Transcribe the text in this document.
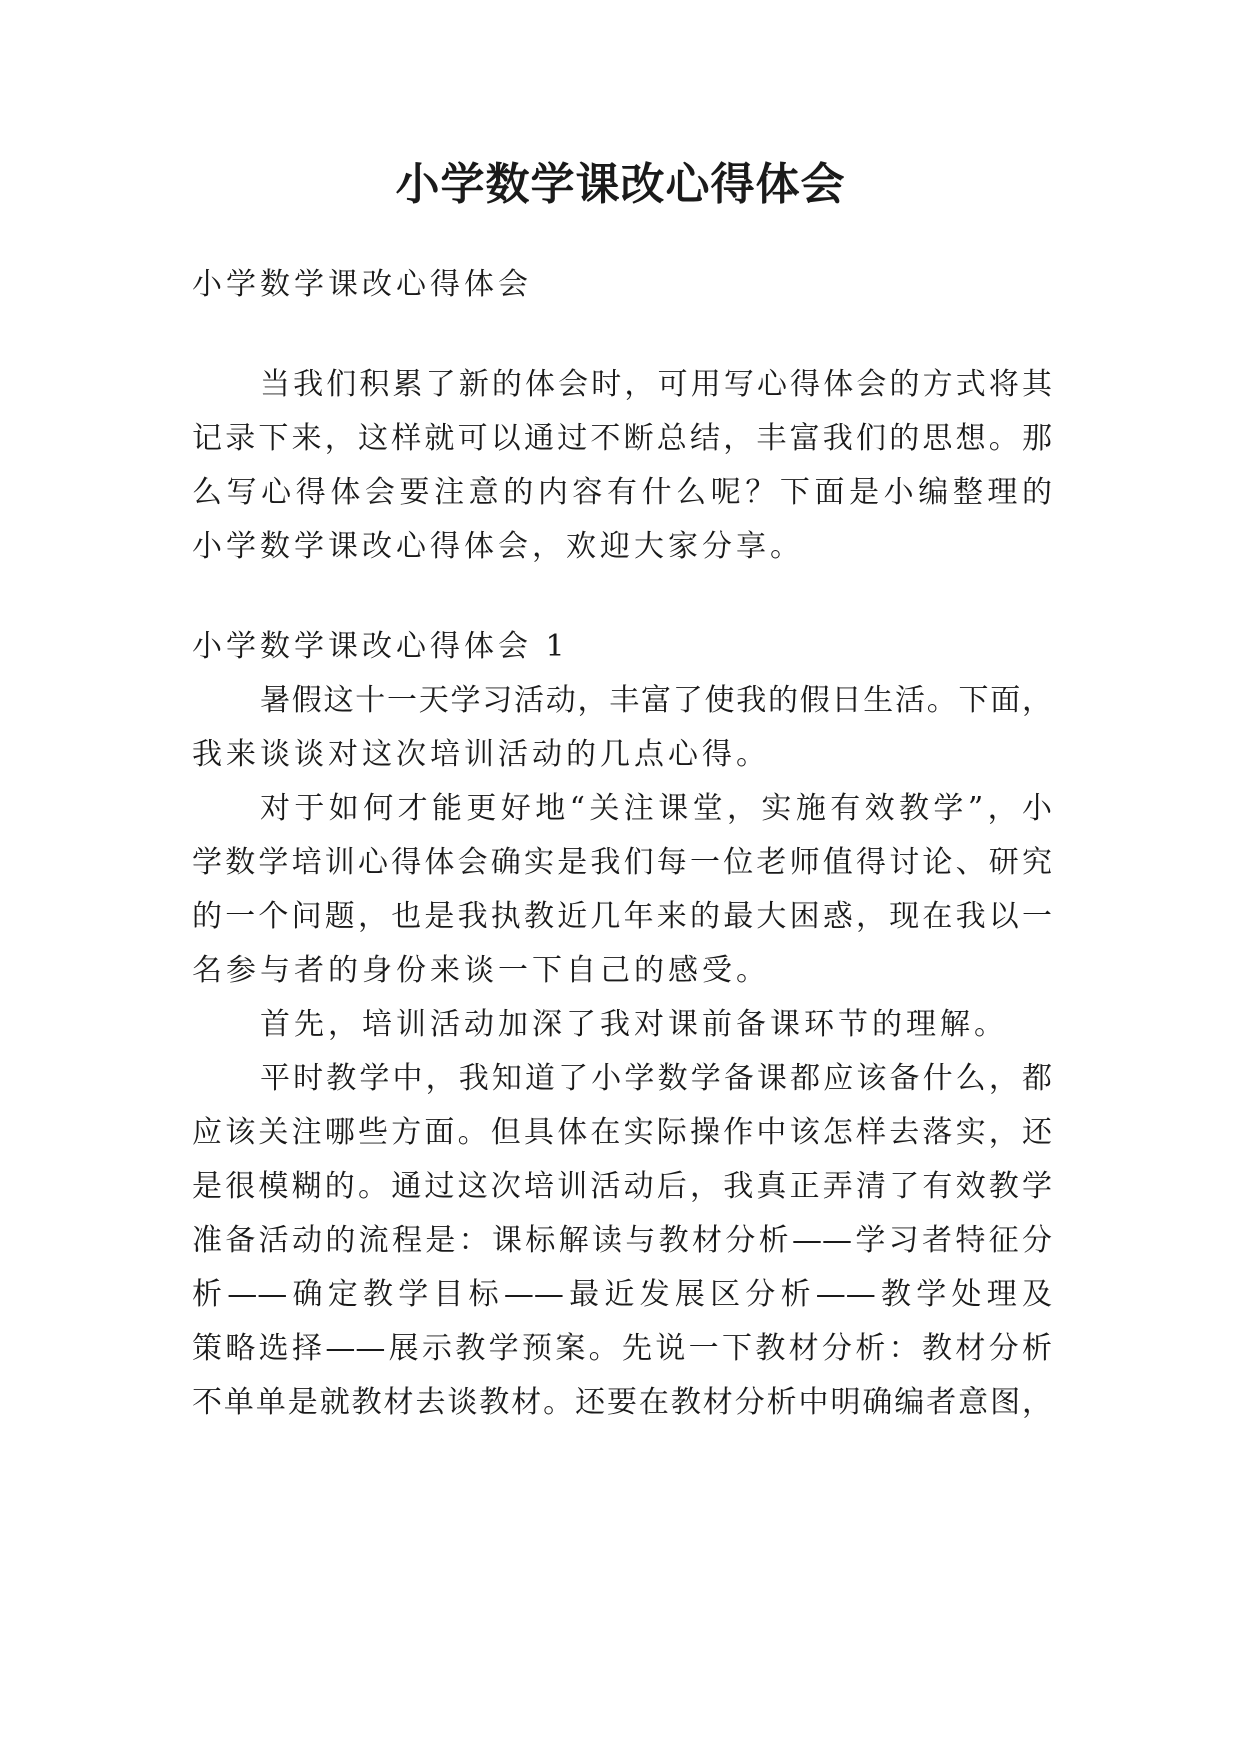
小学数学课改心得体会
小学数学课改心得体会
当我们积累了新的体会时，可用写心得体会的方式将其
记录下来，这样就可以通过不断总结，丰富我们的思想。那
么写心得体会要注意的内容有什么呢？下面是小编整理的
小学数学课改心得体会，欢迎大家分享。
小学数学课改心得体会 1
暑假这十一天学习活动，丰富了使我的假日生活。下面，
我来谈谈对这次培训活动的几点心得。
对于如何才能更好地“关注课堂，实施有效教学”，小
学数学培训心得体会确实是我们每一位老师值得讨论、研究
的一个问题，也是我执教近几年来的最大困惑，现在我以一
名参与者的身份来谈一下自己的感受。
首先，培训活动加深了我对课前备课环节的理解。
平时教学中，我知道了小学数学备课都应该备什么，都
应该关注哪些方面。但具体在实际操作中该怎样去落实，还
是很模糊的。通过这次培训活动后，我真正弄清了有效教学
准备活动的流程是：课标解读与教材分析——学习者特征分
析——确定教学目标——最近发展区分析——教学处理及
策略选择——展示教学预案。先说一下教材分析：教材分析
不单单是就教材去谈教材。还要在教材分析中明确编者意图，
